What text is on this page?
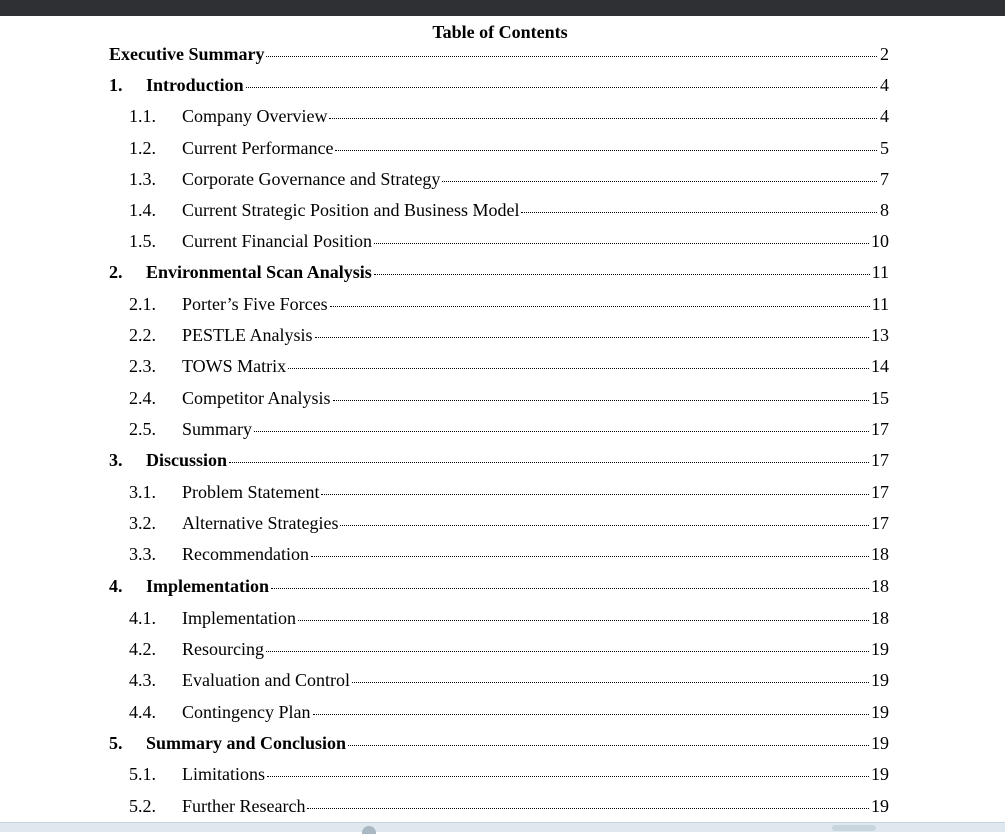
Table of Contents
Executive Summary	2
1.	Introduction	4
1.1.	Company Overview	4
1.2.	Current Performance	5
1.3.	Corporate Governance and Strategy	7
1.4.	Current Strategic Position and Business Model	8
1.5.	Current Financial Position	10
2.	Environmental Scan Analysis	11
2.1.	Porter’s Five Forces	11
2.2.	PESTLE Analysis	13
2.3.	TOWS Matrix	14
2.4.	Competitor Analysis	15
2.5.	Summary	17
3.	Discussion	17
3.1.	Problem Statement	17
3.2.	Alternative Strategies	17
3.3.	Recommendation	18
4.	Implementation	18
4.1.	Implementation	18
4.2.	Resourcing	19
4.3.	Evaluation and Control	19
4.4.	Contingency Plan	19
5.	Summary and Conclusion	19
5.1.	Limitations	19
5.2.	Further Research	19
